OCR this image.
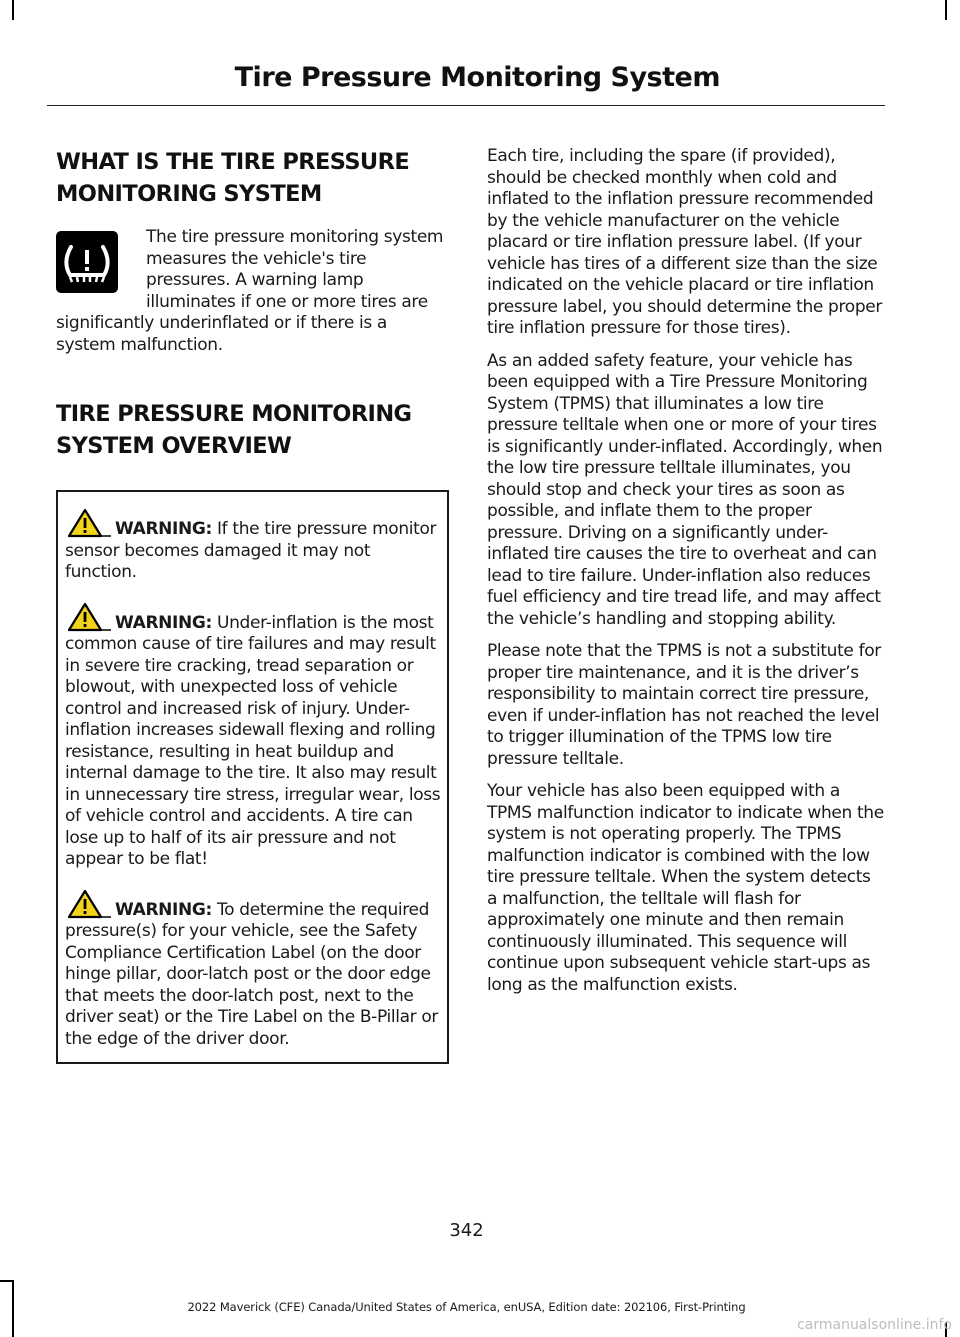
Tire Pressure Monitoring System
WHAT IS THE TIRE PRESSURE
MONITORING SYSTEM

The tire pressure monitoring system measures the vehicle's tire pressures. A warning lamp illuminates if one or more tires are significantly underinflated or if there is a system malfunction.

TIRE PRESSURE MONITORING
SYSTEM OVERVIEW

WARNING: If the tire pressure monitor sensor becomes damaged it may not function.

WARNING: Under-inflation is the most common cause of tire failures and may result in severe tire cracking, tread separation or blowout, with unexpected loss of vehicle control and increased risk of injury. Under-inflation increases sidewall flexing and rolling resistance, resulting in heat buildup and internal damage to the tire. It also may result in unnecessary tire stress, irregular wear, loss of vehicle control and accidents. A tire can lose up to half of its air pressure and not appear to be flat!

WARNING: To determine the required pressure(s) for your vehicle, see the Safety Compliance Certification Label (on the door hinge pillar, door-latch post or the door edge that meets the door-latch post, next to the driver seat) or the Tire Label on the B-Pillar or the edge of the driver door.

Each tire, including the spare (if provided), should be checked monthly when cold and inflated to the inflation pressure recommended by the vehicle manufacturer on the vehicle placard or tire inflation pressure label. (If your vehicle has tires of a different size than the size indicated on the vehicle placard or tire inflation pressure label, you should determine the proper tire inflation pressure for those tires).

As an added safety feature, your vehicle has been equipped with a Tire Pressure Monitoring System (TPMS) that illuminates a low tire pressure telltale when one or more of your tires is significantly under-inflated. Accordingly, when the low tire pressure telltale illuminates, you should stop and check your tires as soon as possible, and inflate them to the proper pressure. Driving on a significantly under-inflated tire causes the tire to overheat and can lead to tire failure. Under-inflation also reduces fuel efficiency and tire tread life, and may affect the vehicle’s handling and stopping ability.

Please note that the TPMS is not a substitute for proper tire maintenance, and it is the driver’s responsibility to maintain correct tire pressure, even if under-inflation has not reached the level to trigger illumination of the TPMS low tire pressure telltale.

Your vehicle has also been equipped with a TPMS malfunction indicator to indicate when the system is not operating properly. The TPMS malfunction indicator is combined with the low tire pressure telltale. When the system detects a malfunction, the telltale will flash for approximately one minute and then remain continuously illuminated. This sequence will continue upon subsequent vehicle start-ups as long as the malfunction exists.

342
2022 Maverick (CFE) Canada/United States of America, enUSA, Edition date: 202106, First-Printing
carmanualsonline.info
